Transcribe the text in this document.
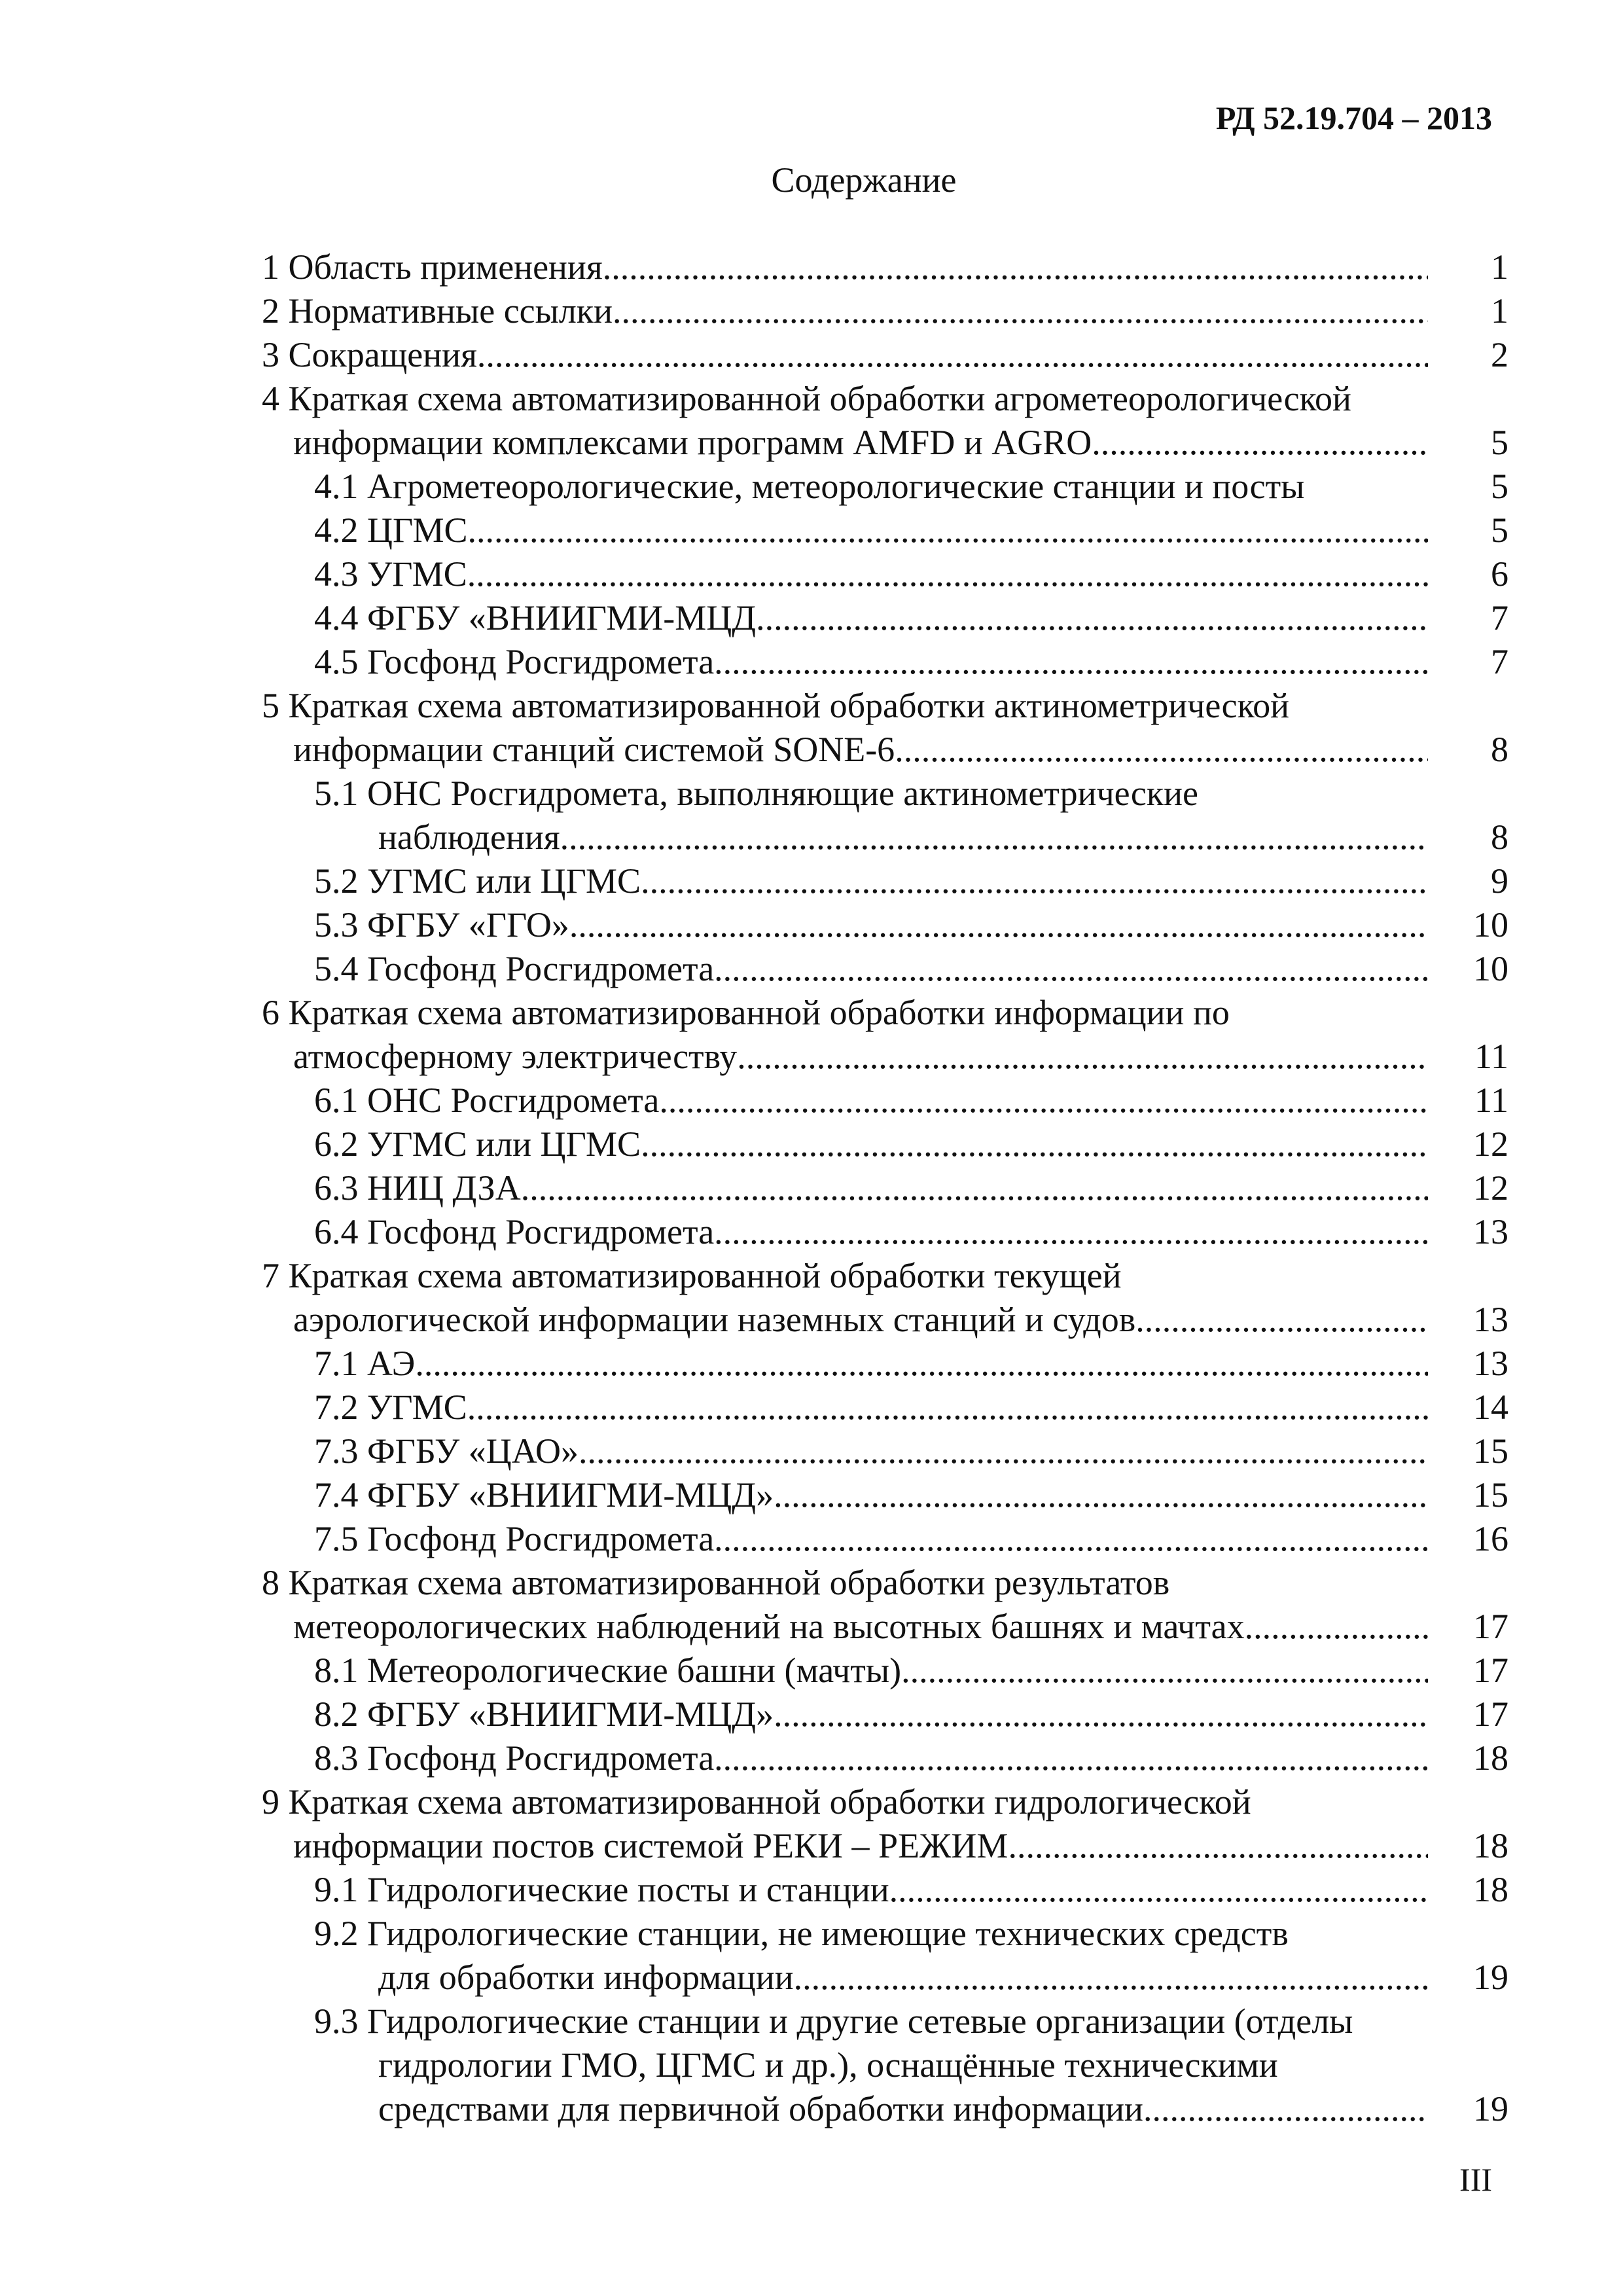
РД 52.19.704 – 2013
Содержание
1 Область применения .....	1
2 Нормативные ссылки .....	1
3 Сокращения .....	2
4 Краткая схема автоматизированной обработки агрометеорологической
информации комплексами программ AMFD и AGRO .....	5
4.1 Агрометеорологические, метеорологические станции и посты	5
4.2 ЦГМС .....	5
4.3 УГМС .....	6
4.4 ФГБУ «ВНИИГМИ-МЦД .....	7
4.5 Госфонд Росгидромета .....	7
5 Краткая схема автоматизированной обработки актинометрической
информации станций системой SONE-6 .....	8
5.1 ОНС Росгидромета, выполняющие актинометрические
наблюдения .....	8
5.2 УГМС или ЦГМС .....	9
5.3 ФГБУ «ГГО» .....	10
5.4 Госфонд Росгидромета .....	10
6 Краткая схема автоматизированной обработки информации по
атмосферному электричеству .....	11
6.1 ОНС Росгидромета .....	11
6.2 УГМС или ЦГМС .....	12
6.3 НИЦ ДЗА .....	12
6.4 Госфонд Росгидромета .....	13
7 Краткая схема автоматизированной обработки текущей
аэрологической информации наземных станций и судов .....	13
7.1 АЭ .....	13
7.2 УГМС .....	14
7.3 ФГБУ «ЦАО» .....	15
7.4 ФГБУ «ВНИИГМИ-МЦД» .....	15
7.5 Госфонд Росгидромета .....	16
8 Краткая схема автоматизированной обработки результатов
метеорологических наблюдений на высотных башнях и мачтах .....	17
8.1 Метеорологические башни (мачты) .....	17
8.2 ФГБУ «ВНИИГМИ-МЦД» .....	17
8.3 Госфонд Росгидромета .....	18
9 Краткая схема автоматизированной обработки гидрологической
информации постов системой РЕКИ – РЕЖИМ .....	18
9.1 Гидрологические посты и станции .....	18
9.2 Гидрологические станции, не имеющие технических средств
для обработки информации .....	19
9.3 Гидрологические станции и другие сетевые организации (отделы
гидрологии ГМО, ЦГМС и др.), оснащённые техническими
средствами для первичной обработки информации .....	19
III
